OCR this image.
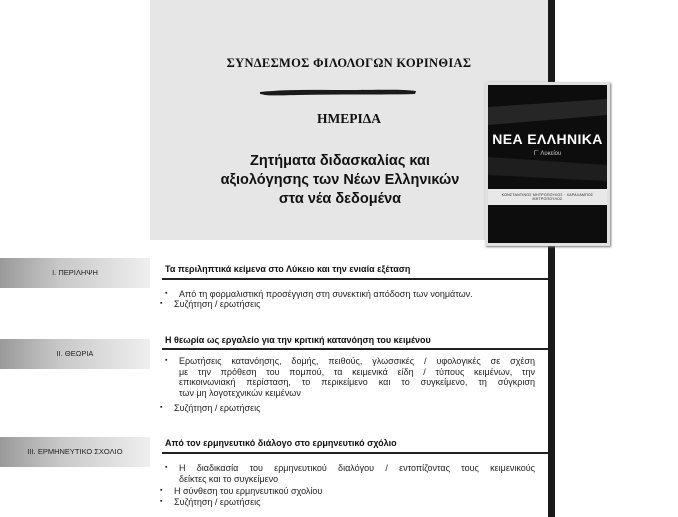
ΣΥΝΔΕΣΜΟΣ ΦΙΛΟΛΟΓΩΝ ΚΟΡΙΝΘΙΑΣ
ΗΜΕΡΙΔΑ
Ζητήματα διδασκαλίας και
αξιολόγησης των Νέων Ελληνικών
στα νέα δεδομένα
ΝΕΑ ΕΛΛΗΝΙΚΑ
Γ΄ Λυκείου
ΚΩΝΣΤΑΝΤΙΝΟΣ ΜΗΤΡΟΠΟΥΛΟΣ · ΧΑΡΑΛΑΜΠΟΣ ΜΗΤΡΟΠΟΥΛΟΣ
Ι. ΠΕΡΙΛΗΨΗ	Τα περιληπτικά κείμενα στο Λύκειο και την ενιαία εξέταση
▪	Από τη φορμαλιστική προσέγγιση στη συνεκτική απόδοση των νοημάτων.
▪	Συζήτηση / ερωτήσεις
ΙΙ. ΘΕΩΡΙΑ
Η θεωρία ως εργαλείο για την κριτική κατανόηση του κειμένου
▪ Ερωτήσεις κατανόησης, δομής, πειθούς, γλωσσικές / υφολογικές σε σχέση
με την πρόθεση του πομπού, τα κειμενικά είδη / τύπους κειμένων, την
επικοινωνιακή περίσταση, το περικείμενο και το συγκείμενο, τη σύγκριση
των μη λογοτεχνικών κειμένων
▪	Συζήτηση / ερωτήσεις
ΙΙΙ. ΕΡΜΗΝΕΥΤΙΚΟ ΣΧΟΛΙΟ
Από τον ερμηνευτικό διάλογο στο ερμηνευτικό σχόλιο
▪ Η διαδικασία του ερμηνευτικού διαλόγου / εντοπίζοντας τους κειμενικούς
δείκτες και το συγκείμενο
▪	Η σύνθεση του ερμηνευτικού σχολίου
▪	Συζήτηση / ερωτήσεις
